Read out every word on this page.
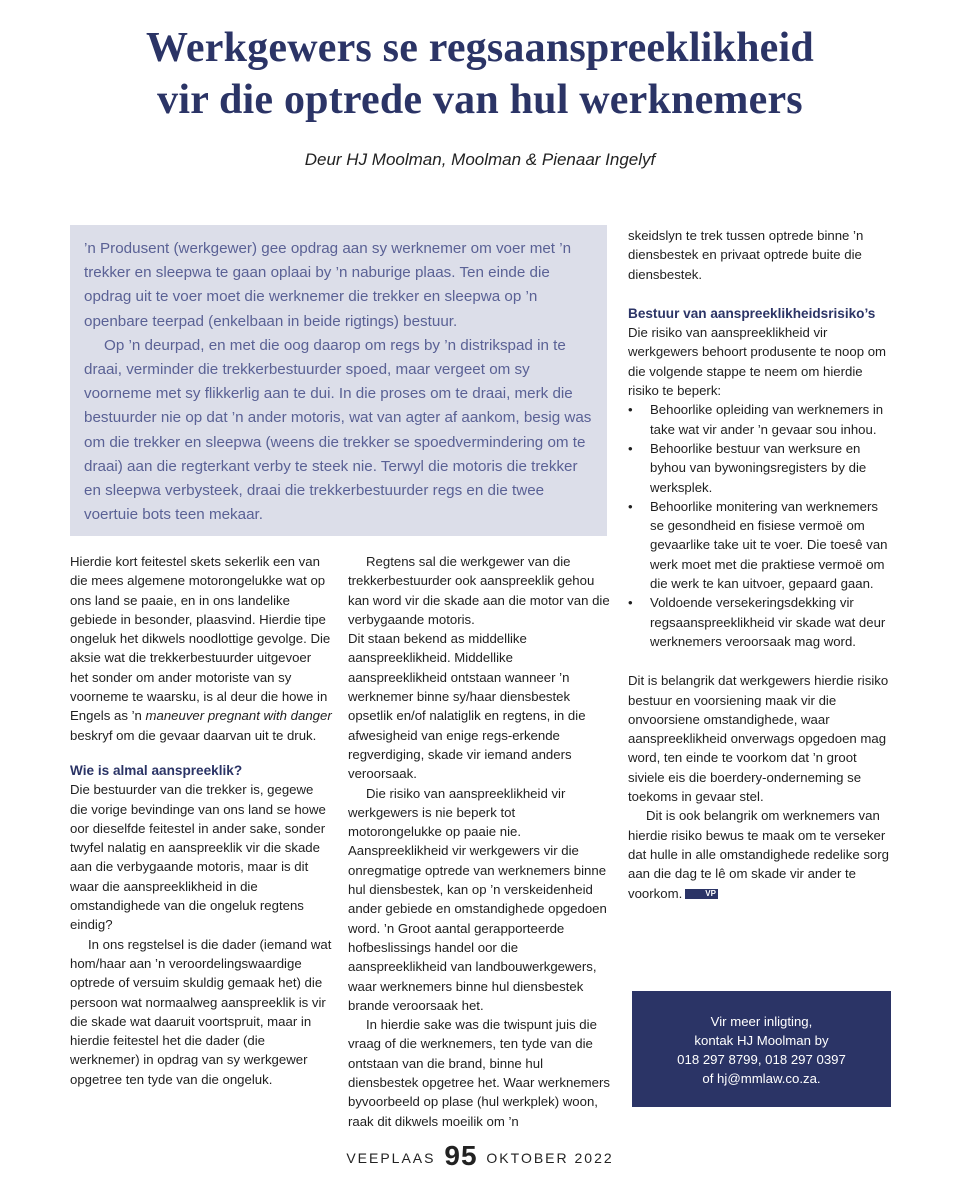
Werkgewers se regsaanspreeklikheid
vir die optrede van hul werknemers
Deur HJ Moolman, Moolman & Pienaar Ingelyf

’n Produsent (werkgewer) gee opdrag aan sy werknemer om voer met ’n trekker en sleepwa te gaan oplaai by ’n naburige plaas. Ten einde die opdrag uit te voer moet die werknemer die trekker en sleepwa op ’n openbare teerpad (enkelbaan in beide rigtings) bestuur.

Op ’n deurpad, en met die oog daarop om regs by ’n distrikspad in te draai, verminder die trekkerbestuurder spoed, maar vergeet om sy voorneme met sy flikkerlig aan te dui. In die proses om te draai, merk die bestuurder nie op dat ’n ander motoris, wat van agter af aankom, besig was om die trekker en sleepwa (weens die trekker se spoedvermindering om te draai) aan die regterkant verby te steek nie. Terwyl die motoris die trekker en sleepwa verbysteek, draai die trekkerbestuurder regs en die twee voertuie bots teen mekaar.

Hierdie kort feitestel skets sekerlik een van die mees algemene motorongelukke wat op ons land se paaie, en in ons landelike gebiede in besonder, plaasvind. Hierdie tipe ongeluk het dikwels noodlottige gevolge. Die aksie wat die trekkerbestuurder uitgevoer het sonder om ander motoriste van sy voorneme te waarsku, is al deur die howe in Engels as ’n maneuver pregnant with danger beskryf om die gevaar daarvan uit te druk.

Wie is almal aanspreeklik?

Die bestuurder van die trekker is, gegewe die vorige bevindinge van ons land se howe oor dieselfde feitestel in ander sake, sonder twyfel nalatig en aanspreeklik vir die skade aan die verbygaande motoris, maar is dit waar die aanspreeklikheid in die omstandighede van die ongeluk regtens eindig?

In ons regstelsel is die dader (iemand wat hom/haar aan ’n veroordelingswaardige optrede of versuim skuldig gemaak het) die persoon wat normaalweg aanspreeklik is vir die skade wat daaruit voortspruit, maar in hierdie feitestel het die dader (die werknemer) in opdrag van sy werkgewer opgetree ten tyde van die ongeluk.

Regtens sal die werkgewer van die trekkerbestuurder ook aanspreeklik gehou kan word vir die skade aan die motor van die verbygaande motoris.

Dit staan bekend as middellike aanspreeklikheid. Middellike aanspreeklikheid ontstaan wanneer ’n werknemer binne sy/haar diensbestek opsetlik en/of nalatiglik en regtens, in die afwesigheid van enige regs-erkende regverdiging, skade vir iemand anders veroorsaak.

Die risiko van aanspreeklikheid vir werkgewers is nie beperk tot motorongelukke op paaie nie. Aanspreeklikheid vir werkgewers vir die onregmatige optrede van werknemers binne hul diensbestek, kan op ’n verskeidenheid ander gebiede en omstandighede opgedoen word. ’n Groot aantal gerapporteerde hofbeslissings handel oor die aanspreeklikheid van landbouwerkgewers, waar werknemers binne hul diensbestek brande veroorsaak het.

In hierdie sake was die twispunt juis die vraag of die werknemers, ten tyde van die ontstaan van die brand, binne hul diensbestek opgetree het. Waar werknemers byvoorbeeld op plase (hul werkplek) woon, raak dit dikwels moeilik om ’n

skeidslyn te trek tussen optrede binne ’n diensbestek en privaat optrede buite die diensbestek.

Bestuur van aanspreeklikheidsrisiko’s

Die risiko van aanspreeklikheid vir werkgewers behoort produsente te noop om die volgende stappe te neem om hierdie risiko te beperk:

• Behoorlike opleiding van werknemers in take wat vir ander ’n gevaar sou inhou.
• Behoorlike bestuur van werksure en byhou van bywoningsregisters by die werksplek.
• Behoorlike monitering van werknemers se gesondheid en fisiese vermoë om gevaarlike take uit te voer. Die toesê van werk moet met die praktiese vermoë om die werk te kan uitvoer, gepaard gaan.
• Voldoende versekeringsdekking vir regsaanspreeklikheid vir skade wat deur werknemers veroorsaak mag word.

Dit is belangrik dat werkgewers hierdie risiko bestuur en voorsiening maak vir die onvoorsiene omstandighede, waar aanspreeklikheid onverwags opgedoen mag word, ten einde te voorkom dat ’n groot siviele eis die boerdery-onderneming se toekoms in gevaar stel.

Dit is ook belangrik om werknemers van hierdie risiko bewus te maak om te verseker dat hulle in alle omstandighede redelike sorg aan die dag te lê om skade vir ander te voorkom.	VP

Vir meer inligting,
kontak HJ Moolman by
018 297 8799, 018 297 0397
of hj@mmlaw.co.za.
VEEPLAAS 95 OKTOBER 2022
